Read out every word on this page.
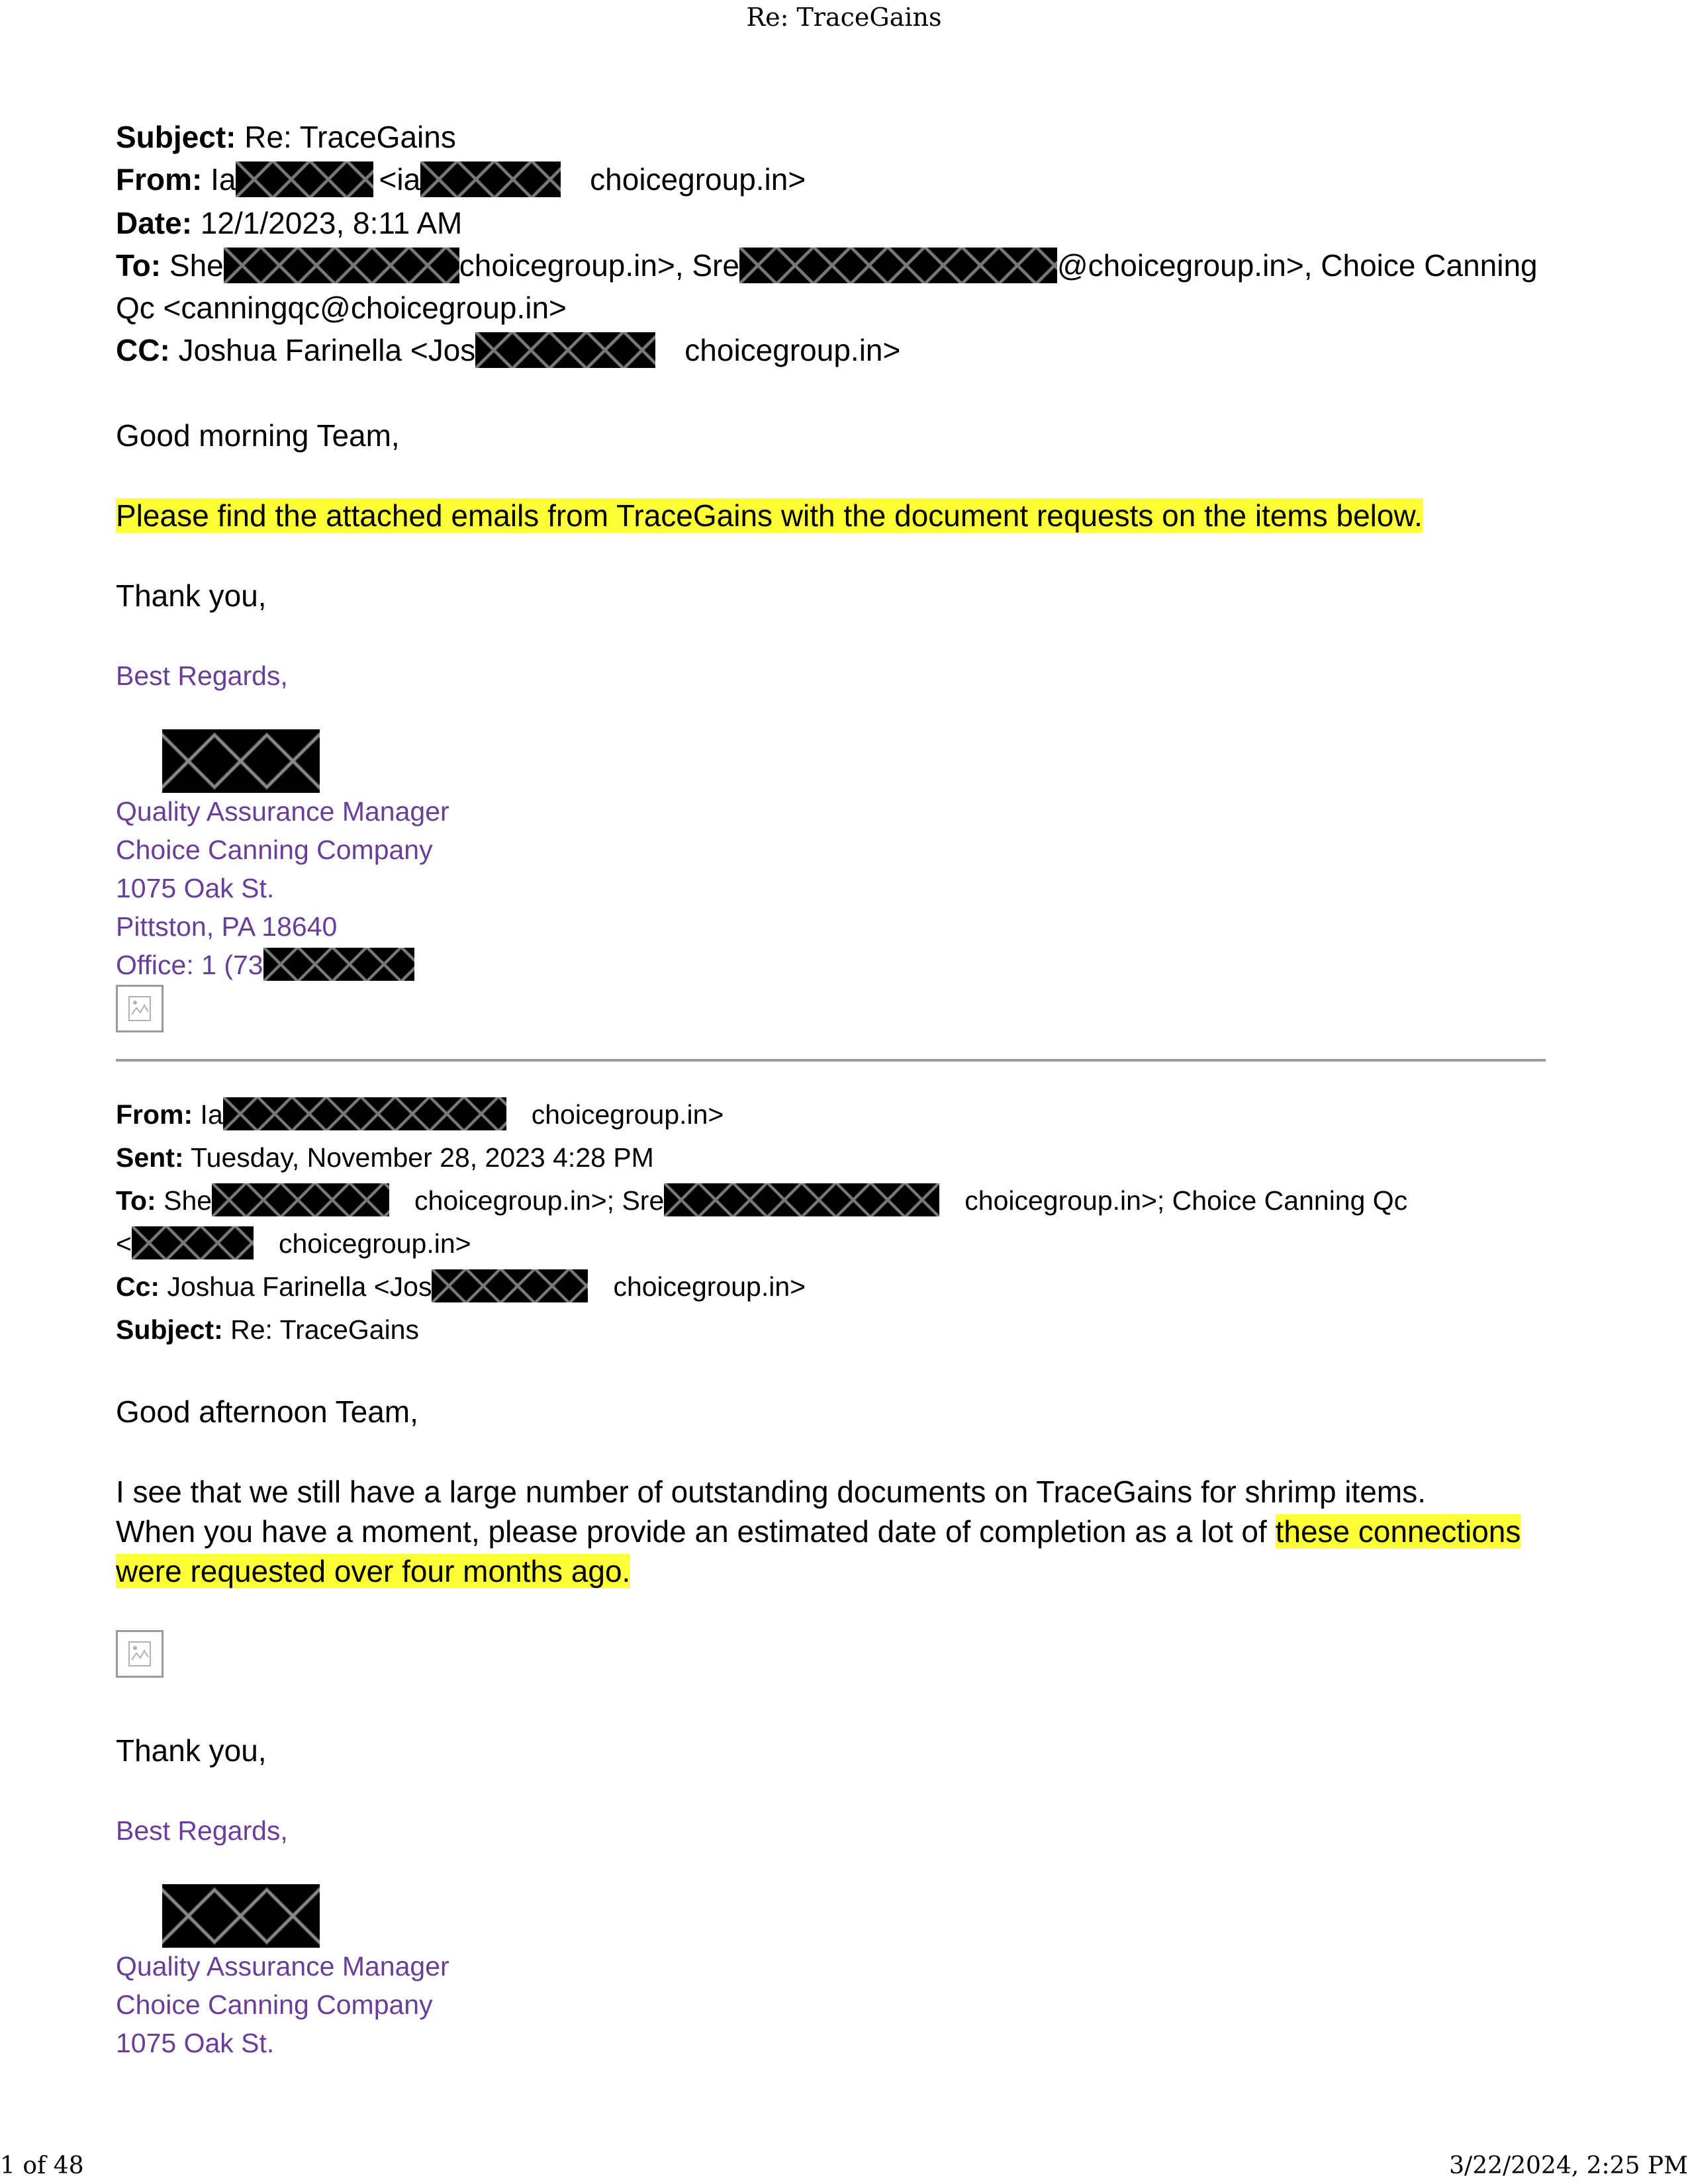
Re: TraceGains
Subject: Re: TraceGains
From: Ia	<ia	choicegroup.in>
Date: 12/1/2023, 8:11 AM
To: She	choicegroup.in>, Sre	@choicegroup.in>, Choice Canning
Qc <canningqc@choicegroup.in>
CC: Joshua Farinella <Jos	choicegroup.in>
Good morning Team,
Please find the attached emails from TraceGains with the document requests on the items below.
Thank you,
Best Regards,
Quality Assurance Manager
Choice Canning Company
1075 Oak St.
Pittston, PA 18640
Office: 1 (73
From: Ia	choicegroup.in>
Sent: Tuesday, November 28, 2023 4:28 PM
To: She	choicegroup.in>; Sre	choicegroup.in>; Choice Canning Qc
<	choicegroup.in>
Cc: Joshua Farinella <Jos	choicegroup.in>
Subject: Re: TraceGains
Good afternoon Team,
I see that we still have a large number of outstanding documents on TraceGains for shrimp items.
When you have a moment, please provide an estimated date of completion as a lot of these connections
were requested over four months ago.
Thank you,
Best Regards,
Quality Assurance Manager
Choice Canning Company
1075 Oak St.
1 of 48	3/22/2024, 2:25 PM
